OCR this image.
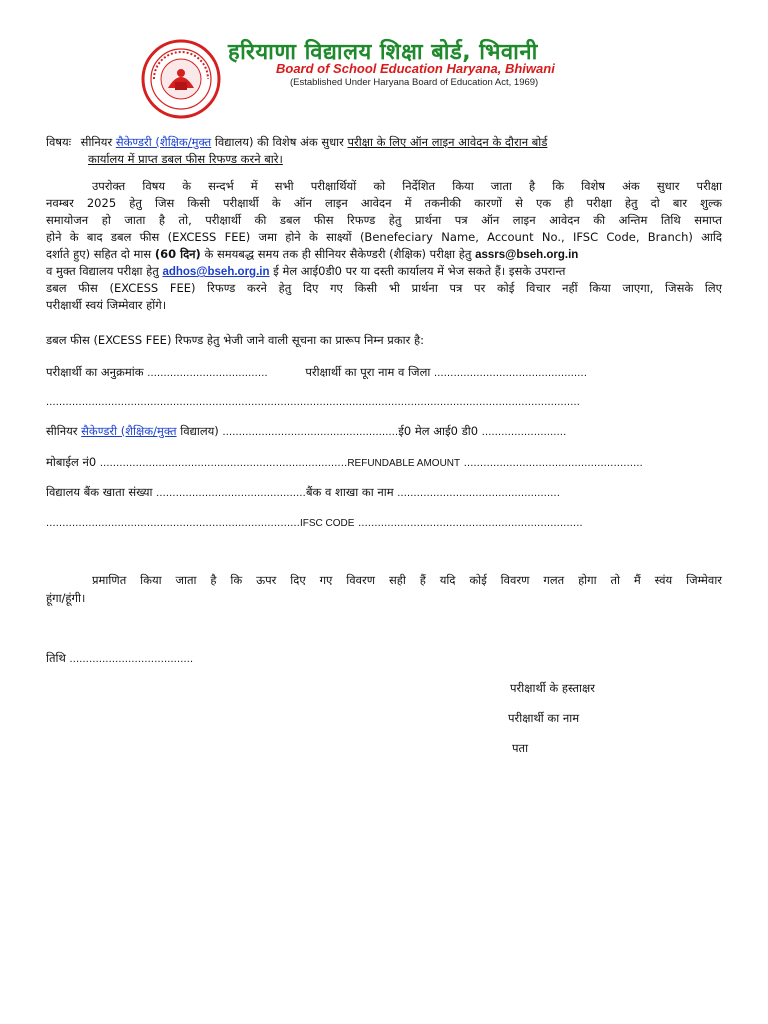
हरियाणा विद्यालय शिक्षा बोर्ड, भिवानी
Board of School Education Haryana, Bhiwani
(Established Under Haryana Board of Education Act, 1969)
विषयः सीनियर सैकेण्डरी (शैक्षिक/मुक्त विद्यालय) की विशेष अंक सुधार परीक्षा के लिए ऑन लाइन आवेदन के दौरान बोर्ड
कार्यालय में प्राप्त डबल फीस रिफण्ड करने बारे।
उपरोक्त विषय के सन्दर्भ में सभी परीक्षार्थियों को निर्देशित किया जाता है कि विशेष अंक सुधार परीक्षा
नवम्बर 2025 हेतु जिस किसी परीक्षार्थी के ऑन लाइन आवेदन में तकनीकी कारणों से एक ही परीक्षा हेतु दो बार शुल्क
समायोजन हो जाता है तो, परीक्षार्थी की डबल फीस रिफण्ड हेतु प्रार्थना पत्र ऑन लाइन आवेदन की अन्तिम तिथि समाप्त
होने के बाद डबल फीस (EXCESS FEE) जमा होने के साक्ष्यों (Benefeciary Name, Account No., IFSC Code, Branch) आदि
दर्शाते हुए) सहित दो मास (60 दिन) के समयबद्ध समय तक ही सीनियर सैकेण्डरी (शैक्षिक) परीक्षा हेतु assrs@bseh.org.in
व मुक्त विद्यालय परीक्षा हेतु adhos@bseh.org.in ई मेल आई0डी0 पर या दस्ती कार्यालय में भेज सकते हैं। इसके उपरान्त
डबल फीस (EXCESS FEE) रिफण्ड करने हेतु दिए गए किसी भी प्रार्थना पत्र पर कोई विचार नहीं किया जाएगा, जिसके लिए
परीक्षार्थी स्वयं जिम्मेवार होंगे।
डबल फीस (EXCESS FEE) रिफण्ड हेतु भेजी जाने वाली सूचना का प्रारूप निम्न प्रकार है:
परीक्षार्थी का अनुक्रमांक .....................................	परीक्षार्थी का पूरा नाम व जिला ...............................................
....................................................................................................................................................................
सीनियर सैकेण्डरी (शैक्षिक/मुक्त विद्यालय) ......................................................ई0 मेल आई0 डी0 ..........................
मोबाईल नं0 ............................................................................REFUNDABLE AMOUNT .......................................................
विद्यालय बैंक खाता संख्या ..............................................बैंक व शाखा का नाम ..................................................
..............................................................................IFSC CODE .....................................................................
प्रमाणित किया जाता है कि ऊपर दिए गए विवरण सही हैं यदि कोई विवरण गलत होगा तो मैं स्वंय जिम्मेवार
हूंगा/हूंगी।
तिथि ......................................
परीक्षार्थी के हस्ताक्षर
परीक्षार्थी का नाम
पता
